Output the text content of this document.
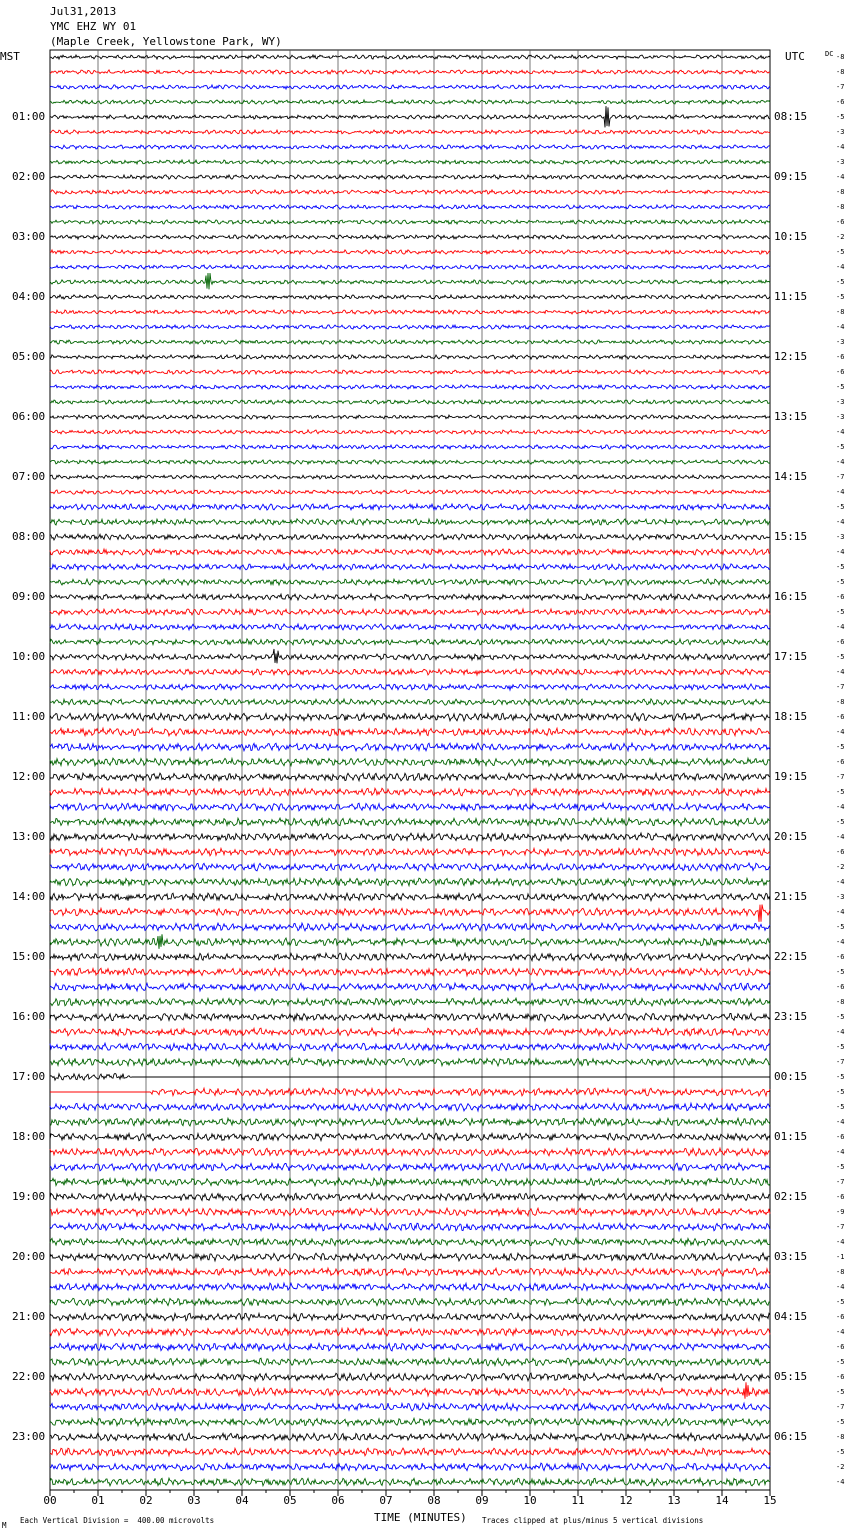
Jul31,2013
YMC EHZ WY 01
(Maple Creek, Yellowstone Park, WY)
MST	UTC	DC
00	01	02	03	04	05	06	07	08	09	10	11	12	13	14	15
01:00
02:00
03:00
04:00
05:00
06:00
07:00
08:00
09:00
10:00
11:00
12:00
13:00
14:00
15:00
16:00
17:00
18:00
19:00
20:00
21:00
22:00
23:00
08:15
09:15
10:15
11:15
12:15
13:15
14:15
15:15
16:15
17:15
18:15
19:15
20:15
21:15
22:15
23:15
00:15
01:15
02:15
03:15
04:15
05:15
06:15
-8
-8
-7
-6
-5
-3
-4
-3
-4
-8
-8
-6
-2
-5
-4
-5
-5
-8
-4
-3
-6
-6
-5
-3
-3
-4
-5
-4
-7
-4
-5
-4
-3
-4
-5
-5
-6
-5
-4
-6
-5
-4
-7
-8
-6
-4
-5
-6
-7
-5
-4
-5
-4
-6
-2
-4
-3
-4
-5
-4
-6
-5
-6
-8
-5
-4
-5
-7
-5
-5
-5
-4
-6
-4
-5
-7
-6
-9
-7
-4
-1
-8
-4
-5
-6
-4
-6
-5
-6
-5
-7
-5
-8
-5
-2
-4
M
Each Vertical Division =  400.00 microvolts	Traces clipped at plus/minus 5 vertical divisions
TIME (MINUTES)
